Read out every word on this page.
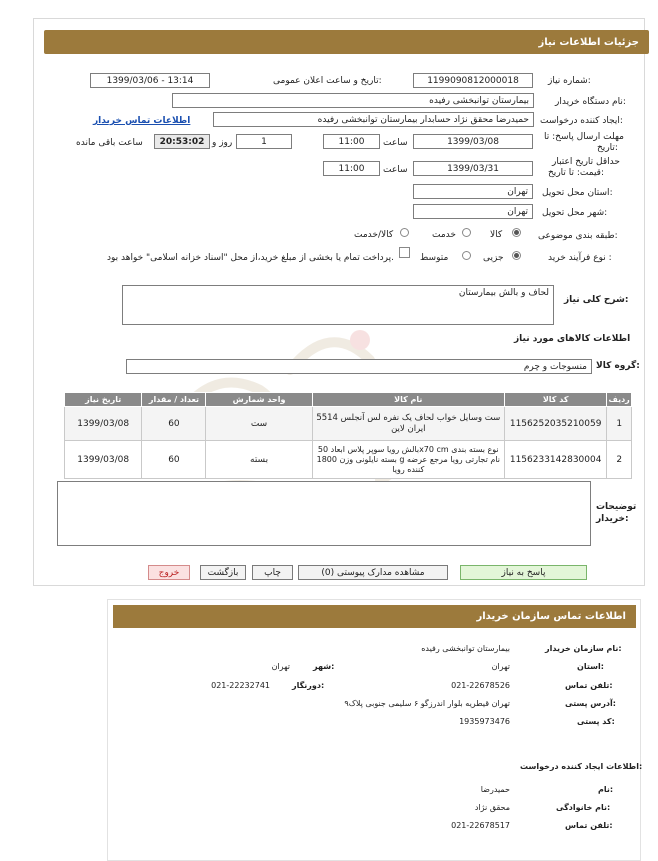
جزئیات اطلاعات نیاز
شماره نیاز:
1199090812000018
تاریخ و ساعت اعلان عمومی:
1399/03/06 - 13:14
نام دستگاه خریدار:
بیمارستان توانبخشی رفیده
ایجاد کننده درخواست:
حمیدرضا محقق نژاد حسابدار بیمارستان توانبخشی رفیده
اطلاعات تماس خریدار
مهلت ارسال پاسخ: تا
تاریخ:
1399/03/08
ساعت
11:00
1
روز و
20:53:02
ساعت باقی مانده
حداقل تاریخ اعتبار
قیمت: تا تاریخ:
1399/03/31
ساعت
11:00
استان محل تحویل:
تهران
شهر محل تحویل:
تهران
طبقه بندی موضوعی:
کالا
خدمت
کالا/خدمت
نوع فرآیند خرید :
جزیی
متوسط
پرداخت تمام یا بخشی از مبلغ خرید،از محل "اسناد خزانه اسلامی" خواهد بود.
شرح کلی نیاز:
لحاف و بالش بیمارستان
اطلاعات کالاهای مورد نیاز
گروه کالا:
منسوجات و چرم
تاریخ نیاز	تعداد / مقدار	واحد شمارش	نام کالا	کد کالا	ردیف
1399/03/08	60	ست	ست وسایل خواب لحاف یک نفره لس آنجلس 5514 ایران لاین	1156252035210059	1
1399/03/08	60	بسته	بالش رویا سوپر پلاس ابعاد 50x70 cm نوع بسته بندی بسته نایلونی وزن 1800 g نام تجارتی رویا مرجع عرضه کننده رویا	1156233142830004	2
توضیحات
خریدار:
پاسخ به نیاز
مشاهده مدارک پیوستی (0)
چاپ
بازگشت
خروج
اطلاعات تماس سازمان خریدار
نام سازمان خریدار:
بیمارستان توانبخشی رفیده
استان:
تهران
شهر:
تهران
تلفن تماس:
021-22678526
دورنگار:
021-22232741
آدرس پستی:
تهران قیطریه بلوار اندرزگو ۶ سلیمی جنوبی پلاک۹
کد پستی:
1935973476
اطلاعات ایجاد کننده درخواست:
نام:
حمیدرضا
نام خانوادگی:
محقق نژاد
تلفن تماس:
021-22678517
